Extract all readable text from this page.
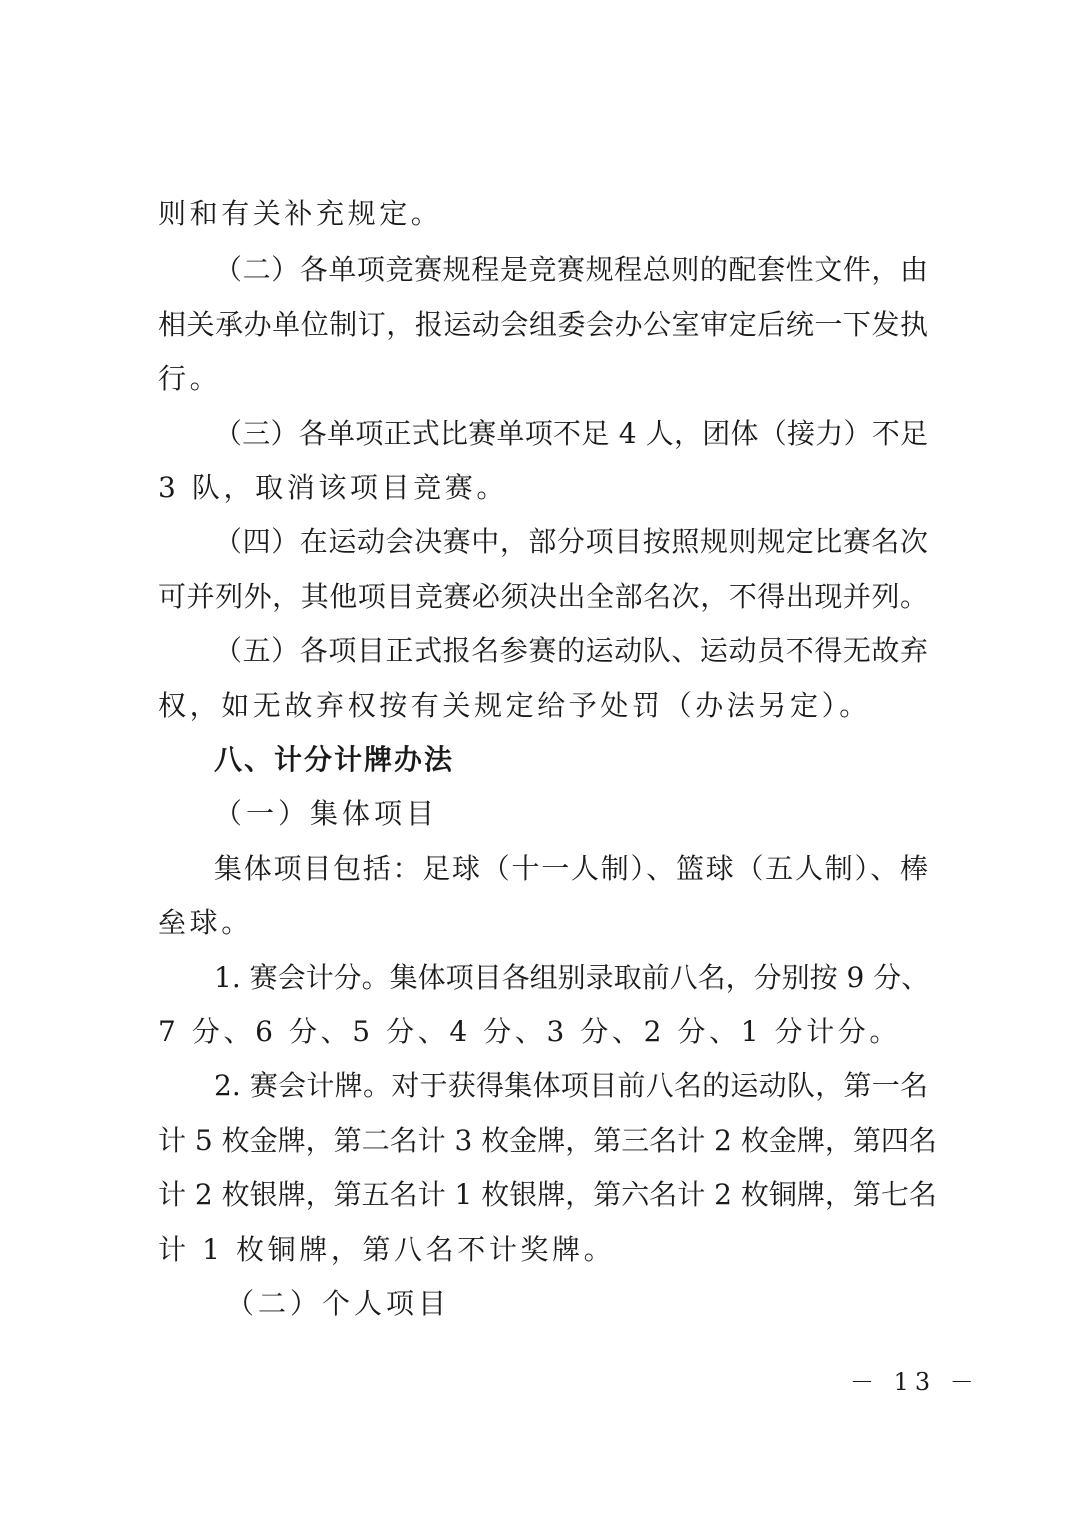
则和有关补充规定。
（二）各单项竞赛规程是竞赛规程总则的配套性文件，由
相关承办单位制订，报运动会组委会办公室审定后统一下发执
行。
（三）各单项正式比赛单项不足 4 人，团体（接力）不足
3 队，取消该项目竞赛。
（四）在运动会决赛中，部分项目按照规则规定比赛名次
可并列外，其他项目竞赛必须决出全部名次，不得出现并列。
（五）各项目正式报名参赛的运动队、运动员不得无故弃
权，如无故弃权按有关规定给予处罚（办法另定）。
八、计分计牌办法
（一）集体项目
集体项目包括：足球（十一人制）、篮球（五人制）、棒
垒球。
1. 赛会计分。集体项目各组别录取前八名，分别按 9 分、
7 分、6 分、5 分、4 分、3 分、2 分、1 分计分。
2. 赛会计牌。对于获得集体项目前八名的运动队，第一名
计 5 枚金牌，第二名计 3 枚金牌，第三名计 2 枚金牌，第四名
计 2 枚银牌，第五名计 1 枚银牌，第六名计 2 枚铜牌，第七名
计 1 枚铜牌，第八名不计奖牌。
（二）个人项目
－ 13 －
